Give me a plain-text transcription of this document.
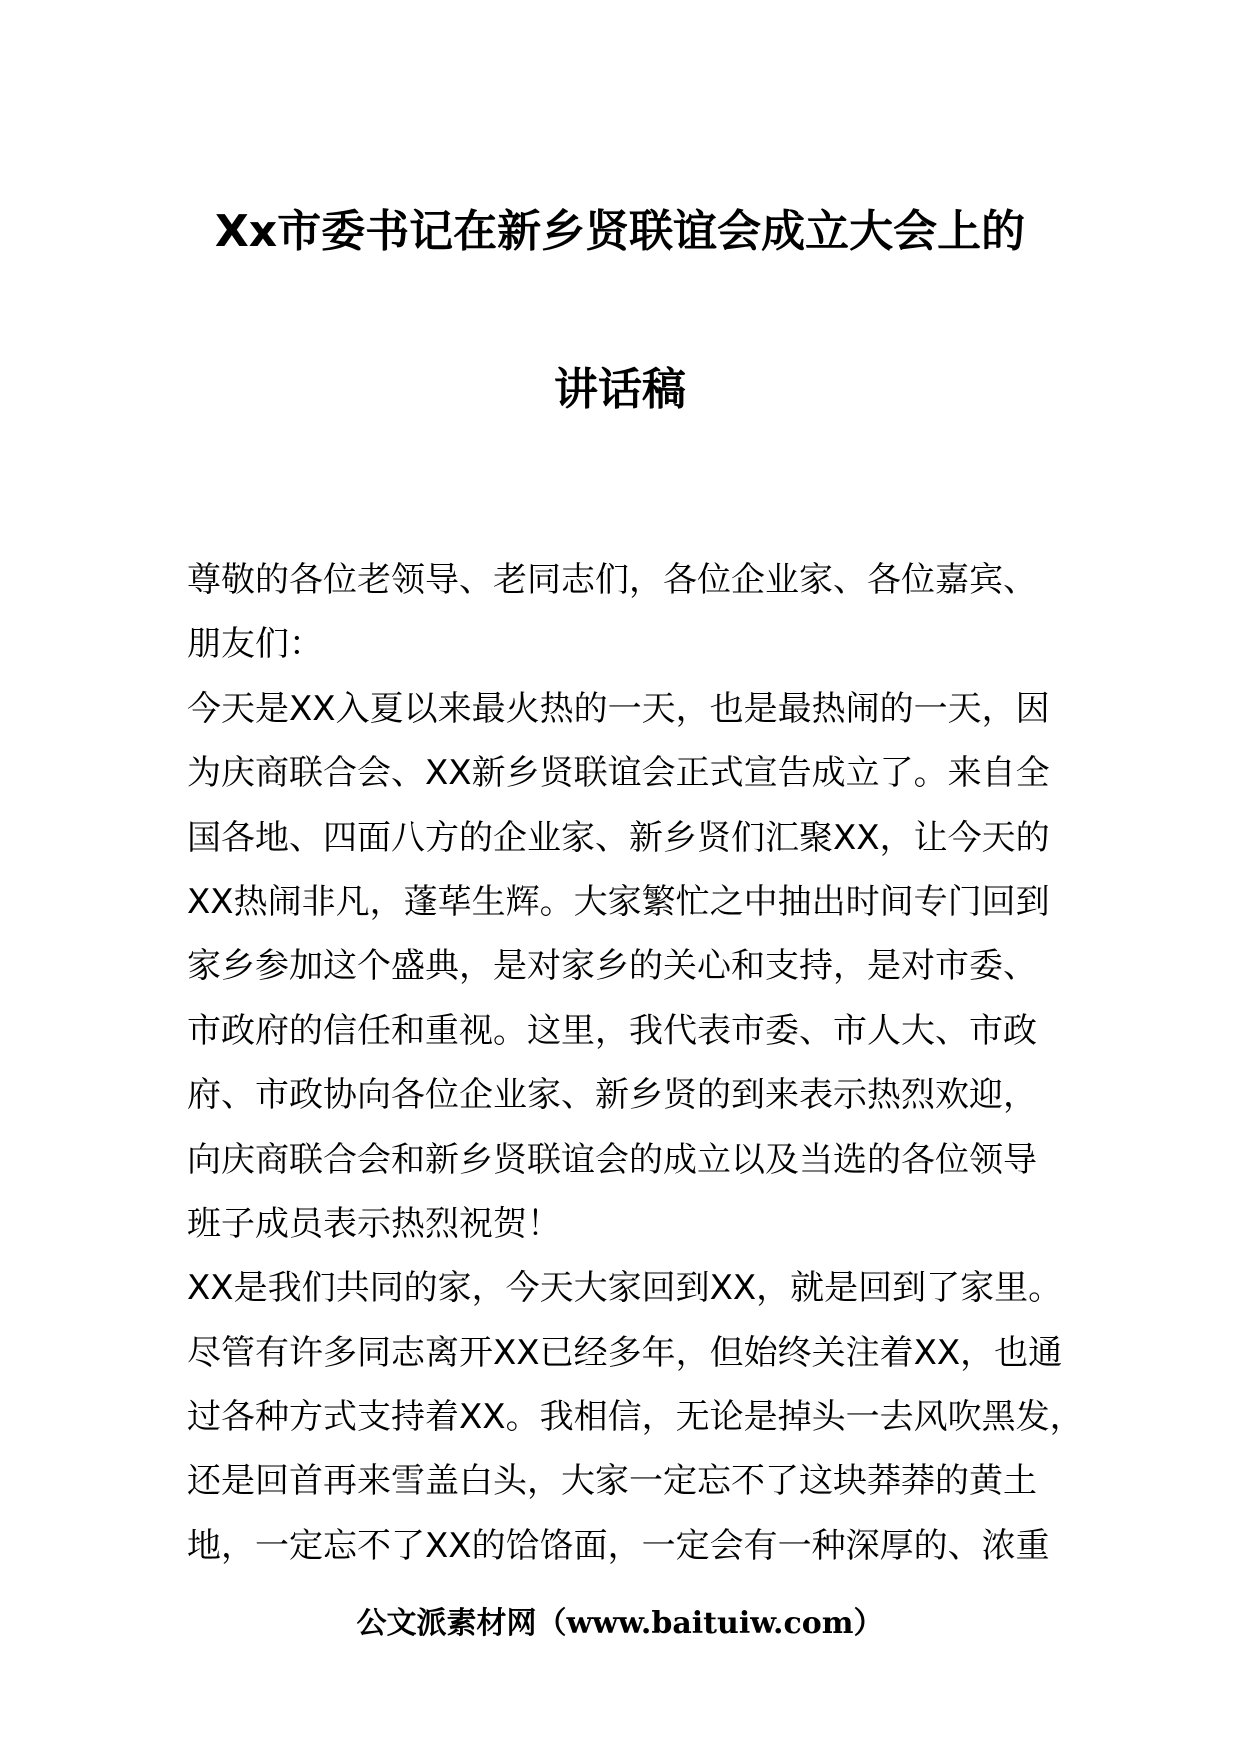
Xx市委书记在新乡贤联谊会成立大会上的
讲话稿
尊敬的各位老领导、老同志们，各位企业家、各位嘉宾、
朋友们：
今天是XX入夏以来最火热的一天，也是最热闹的一天，因
为庆商联合会、XX新乡贤联谊会正式宣告成立了。来自全
国各地、四面八方的企业家、新乡贤们汇聚XX，让今天的
XX热闹非凡，蓬荜生辉。大家繁忙之中抽出时间专门回到
家乡参加这个盛典，是对家乡的关心和支持，是对市委、
市政府的信任和重视。这里，我代表市委、市人大、市政
府、市政协向各位企业家、新乡贤的到来表示热烈欢迎，
向庆商联合会和新乡贤联谊会的成立以及当选的各位领导
班子成员表示热烈祝贺！
XX是我们共同的家，今天大家回到XX，就是回到了家里。
尽管有许多同志离开XX已经多年，但始终关注着XX，也通
过各种方式支持着XX。我相信，无论是掉头一去风吹黑发，
还是回首再来雪盖白头，大家一定忘不了这块莽莽的黄土
地，一定忘不了XX的饸饹面，一定会有一种深厚的、浓重
公文派素材网（www.baituiw.com）
